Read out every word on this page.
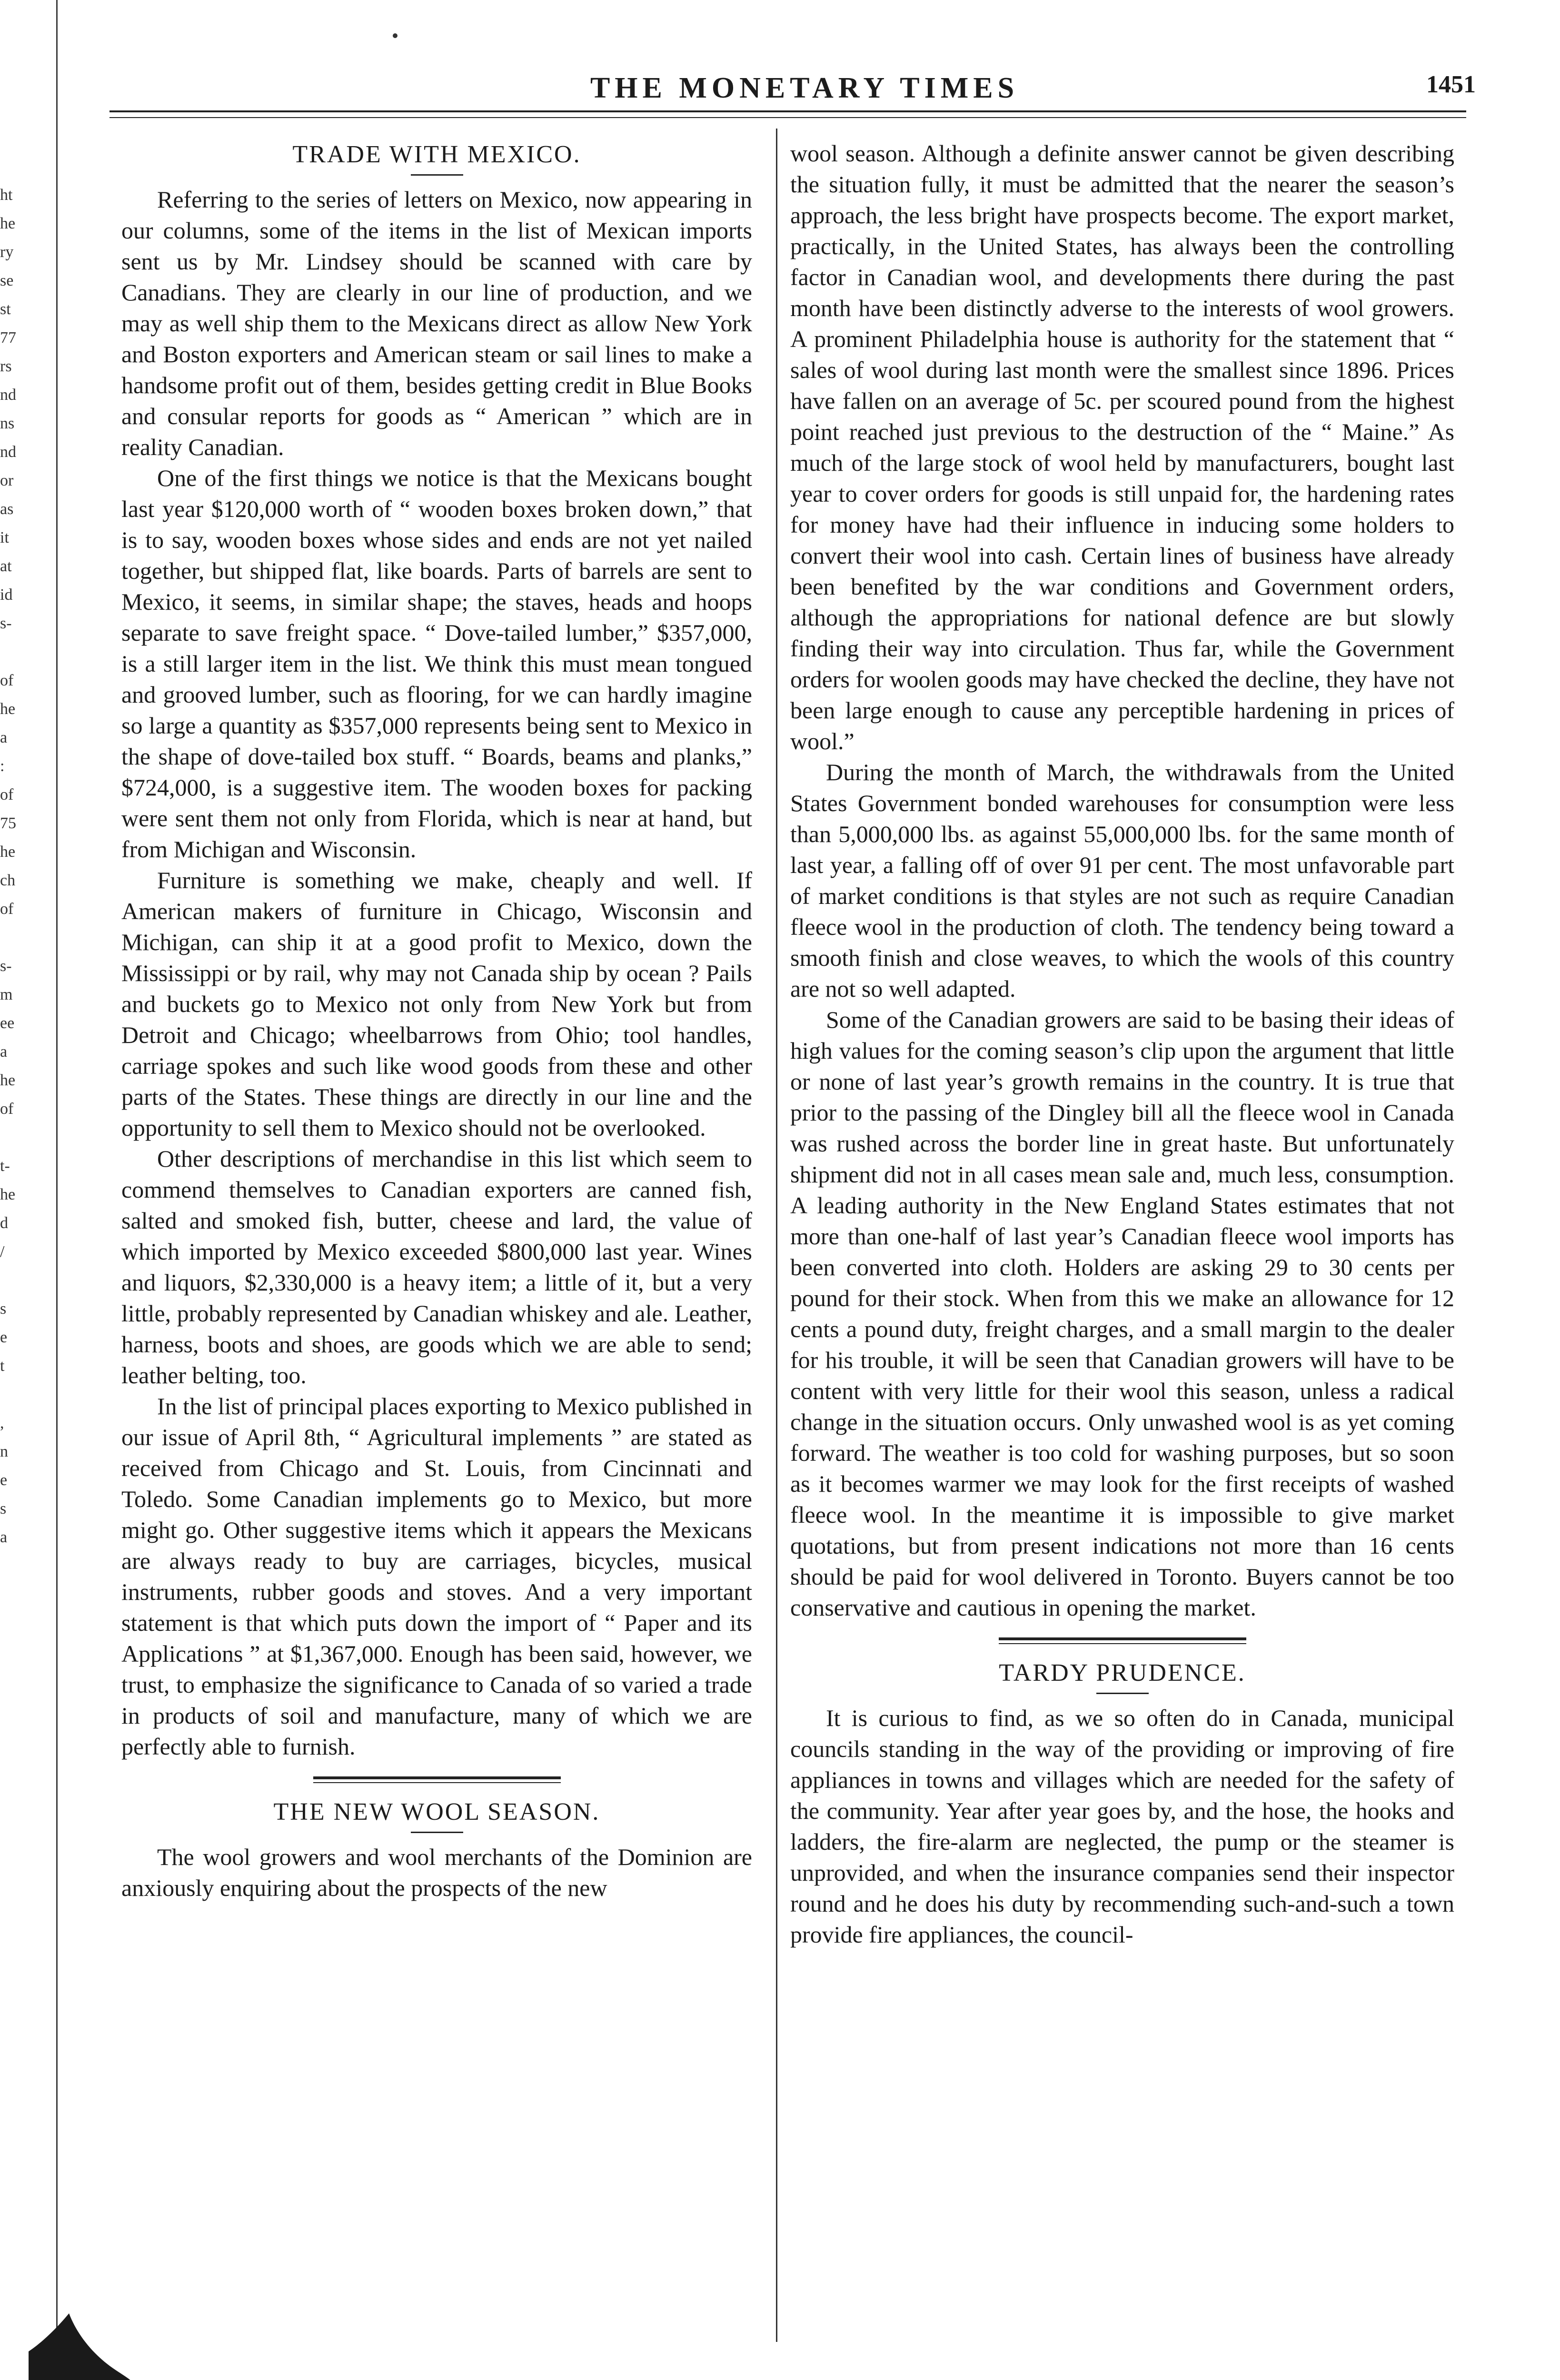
ht
he
ry
se
st
77
rs
nd
ns
nd
or
as
it
at
id
s-

of
he
a
:
of
75
he
ch
of

s-
m
ee
a
he
of

t-
he
d
/

s
e
t

,
n
e
s
a
THE MONETARY TIMES	1451
TRADE WITH MEXICO.

Referring to the series of letters on Mexico, now appearing in our columns, some of the items in the list of Mexican imports sent us by Mr. Lindsey should be scanned with care by Canadians. They are clearly in our line of production, and we may as well ship them to the Mexicans direct as allow New York and Boston exporters and American steam or sail lines to make a handsome profit out of them, besides getting credit in Blue Books and consular reports for goods as “ American ” which are in reality Canadian.

One of the first things we notice is that the Mexicans bought last year $120,000 worth of “ wooden boxes broken down,” that is to say, wooden boxes whose sides and ends are not yet nailed together, but shipped flat, like boards. Parts of barrels are sent to Mexico, it seems, in similar shape; the staves, heads and hoops separate to save freight space. “ Dove-tailed lumber,” $357,000, is a still larger item in the list. We think this must mean tongued and grooved lumber, such as flooring, for we can hardly imagine so large a quantity as $357,000 represents being sent to Mexico in the shape of dove-tailed box stuff. “ Boards, beams and planks,” $724,000, is a suggestive item. The wooden boxes for packing were sent them not only from Florida, which is near at hand, but from Michigan and Wisconsin.

Furniture is something we make, cheaply and well. If American makers of furniture in Chicago, Wisconsin and Michigan, can ship it at a good profit to Mexico, down the Mississippi or by rail, why may not Canada ship by ocean ? Pails and buckets go to Mexico not only from New York but from Detroit and Chicago; wheelbarrows from Ohio; tool handles, carriage spokes and such like wood goods from these and other parts of the States. These things are directly in our line and the opportunity to sell them to Mexico should not be overlooked.

Other descriptions of merchandise in this list which seem to commend themselves to Canadian exporters are canned fish, salted and smoked fish, butter, cheese and lard, the value of which imported by Mexico exceeded $800,000 last year. Wines and liquors, $2,330,000 is a heavy item; a little of it, but a very little, probably represented by Canadian whiskey and ale. Leather, harness, boots and shoes, are goods which we are able to send; leather belting, too.

In the list of principal places exporting to Mexico published in our issue of April 8th, “ Agricultural implements ” are stated as received from Chicago and St. Louis, from Cincinnati and Toledo. Some Canadian implements go to Mexico, but more might go. Other suggestive items which it appears the Mexicans are always ready to buy are carriages, bicycles, musical instruments, rubber goods and stoves. And a very important statement is that which puts down the import of “ Paper and its Applications ” at $1,367,000. Enough has been said, however, we trust, to emphasize the significance to Canada of so varied a trade in products of soil and manufacture, many of which we are perfectly able to furnish.

THE NEW WOOL SEASON.

The wool growers and wool merchants of the Dominion are anxiously enquiring about the prospects of the new

wool season. Although a definite answer cannot be given describing the situation fully, it must be admitted that the nearer the season’s approach, the less bright have prospects become. The export market, practically, in the United States, has always been the controlling factor in Canadian wool, and developments there during the past month have been distinctly adverse to the interests of wool growers. A prominent Philadelphia house is authority for the statement that “ sales of wool during last month were the smallest since 1896. Prices have fallen on an average of 5c. per scoured pound from the highest point reached just previous to the destruction of the “ Maine.” As much of the large stock of wool held by manufacturers, bought last year to cover orders for goods is still unpaid for, the hardening rates for money have had their influence in inducing some holders to convert their wool into cash. Certain lines of business have already been benefited by the war conditions and Government orders, although the appropriations for national defence are but slowly finding their way into circulation. Thus far, while the Government orders for woolen goods may have checked the decline, they have not been large enough to cause any perceptible hardening in prices of wool.”

During the month of March, the withdrawals from the United States Government bonded warehouses for consumption were less than 5,000,000 lbs. as against 55,000,000 lbs. for the same month of last year, a falling off of over 91 per cent. The most unfavorable part of market conditions is that styles are not such as require Canadian fleece wool in the production of cloth. The tendency being toward a smooth finish and close weaves, to which the wools of this country are not so well adapted.

Some of the Canadian growers are said to be basing their ideas of high values for the coming season’s clip upon the argument that little or none of last year’s growth remains in the country. It is true that prior to the passing of the Dingley bill all the fleece wool in Canada was rushed across the border line in great haste. But unfortunately shipment did not in all cases mean sale and, much less, consumption. A leading authority in the New England States estimates that not more than one-half of last year’s Canadian fleece wool imports has been converted into cloth. Holders are asking 29 to 30 cents per pound for their stock. When from this we make an allowance for 12 cents a pound duty, freight charges, and a small margin to the dealer for his trouble, it will be seen that Canadian growers will have to be content with very little for their wool this season, unless a radical change in the situation occurs. Only unwashed wool is as yet coming forward. The weather is too cold for washing purposes, but so soon as it becomes warmer we may look for the first receipts of washed fleece wool. In the meantime it is impossible to give market quotations, but from present indications not more than 16 cents should be paid for wool delivered in Toronto. Buyers cannot be too conservative and cautious in opening the market.

TARDY PRUDENCE.

It is curious to find, as we so often do in Canada, municipal councils standing in the way of the providing or improving of fire appliances in towns and villages which are needed for the safety of the community. Year after year goes by, and the hose, the hooks and ladders, the fire-alarm are neglected, the pump or the steamer is unprovided, and when the insurance companies send their inspector round and he does his duty by recommending such-and-such a town provide fire appliances, the council-
